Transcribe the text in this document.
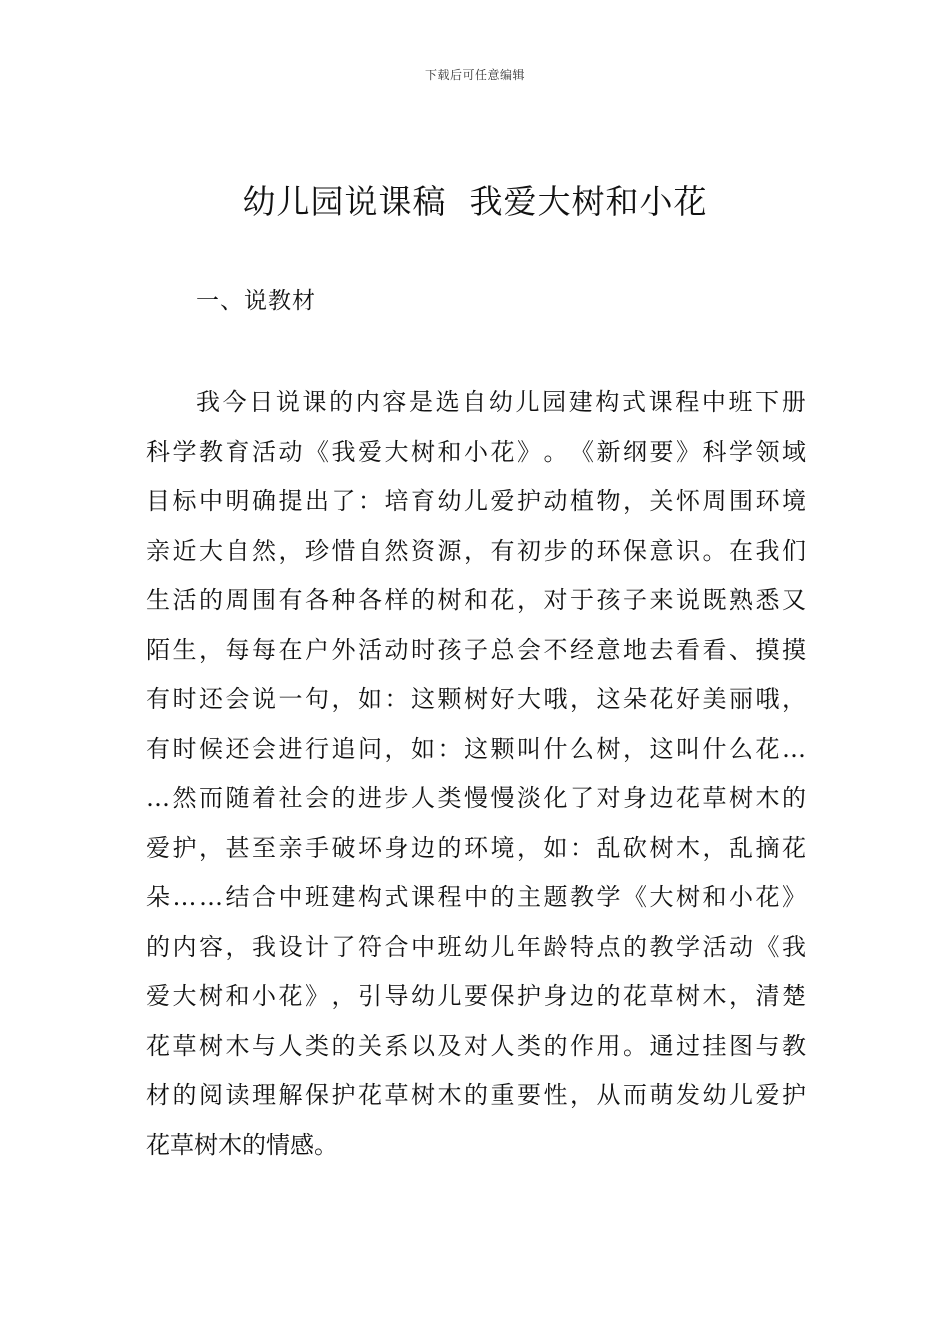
下载后可任意编辑
幼儿园说课稿  我爱大树和小花
一、说教材
我 今 日 说 课 的 内 容 是 选 自 幼 儿 园 建 构 式 课 程 中 班 下 册
科 学 教 育 活 动 《 我 爱 大 树 和 小 花 》 。 《 新 纲 要 》 科 学 领 域
目 标 中 明 确 提 出 了 ： 培 育 幼 儿 爱 护 动 植 物 ， 关 怀 周 围 环 境
亲 近 大 自 然 ， 珍 惜 自 然 资 源 ， 有 初 步 的 环 保 意 识 。 在 我 们
生 活 的 周 围 有 各 种 各 样 的 树 和 花 ， 对 于 孩 子 来 说 既 熟 悉 又
陌 生 ， 每 每 在 户 外 活 动 时 孩 子 总 会 不 经 意 地 去 看 看 、 摸 摸
有 时 还 会 说 一 句 ， 如 ： 这 颗 树 好 大 哦 ， 这 朵 花 好 美 丽 哦 ，
有 时 候 还 会 进 行 追 问 ， 如 ： 这 颗 叫 什 么 树 ， 这 叫 什 么 花 …
… 然 而 随 着 社 会 的 进 步 人 类 慢 慢 淡 化 了 对 身 边 花 草 树 木 的
爱 护 ， 甚 至 亲 手 破 坏 身 边 的 环 境 ， 如 ： 乱 砍 树 木 ， 乱 摘 花
朵 … … 结 合 中 班 建 构 式 课 程 中 的 主 题 教 学 《 大 树 和 小 花 》
的 内 容 ， 我 设 计 了 符 合 中 班 幼 儿 年 龄 特 点 的 教 学 活 动 《 我
爱 大 树 和 小 花 》 ， 引 导 幼 儿 要 保 护 身 边 的 花 草 树 木 ， 清 楚
花 草 树 木 与 人 类 的 关 系 以 及 对 人 类 的 作 用 。 通 过 挂 图 与 教
材 的 阅 读 理 解 保 护 花 草 树 木 的 重 要 性 ， 从 而 萌 发 幼 儿 爱 护
花草树木的情感。
